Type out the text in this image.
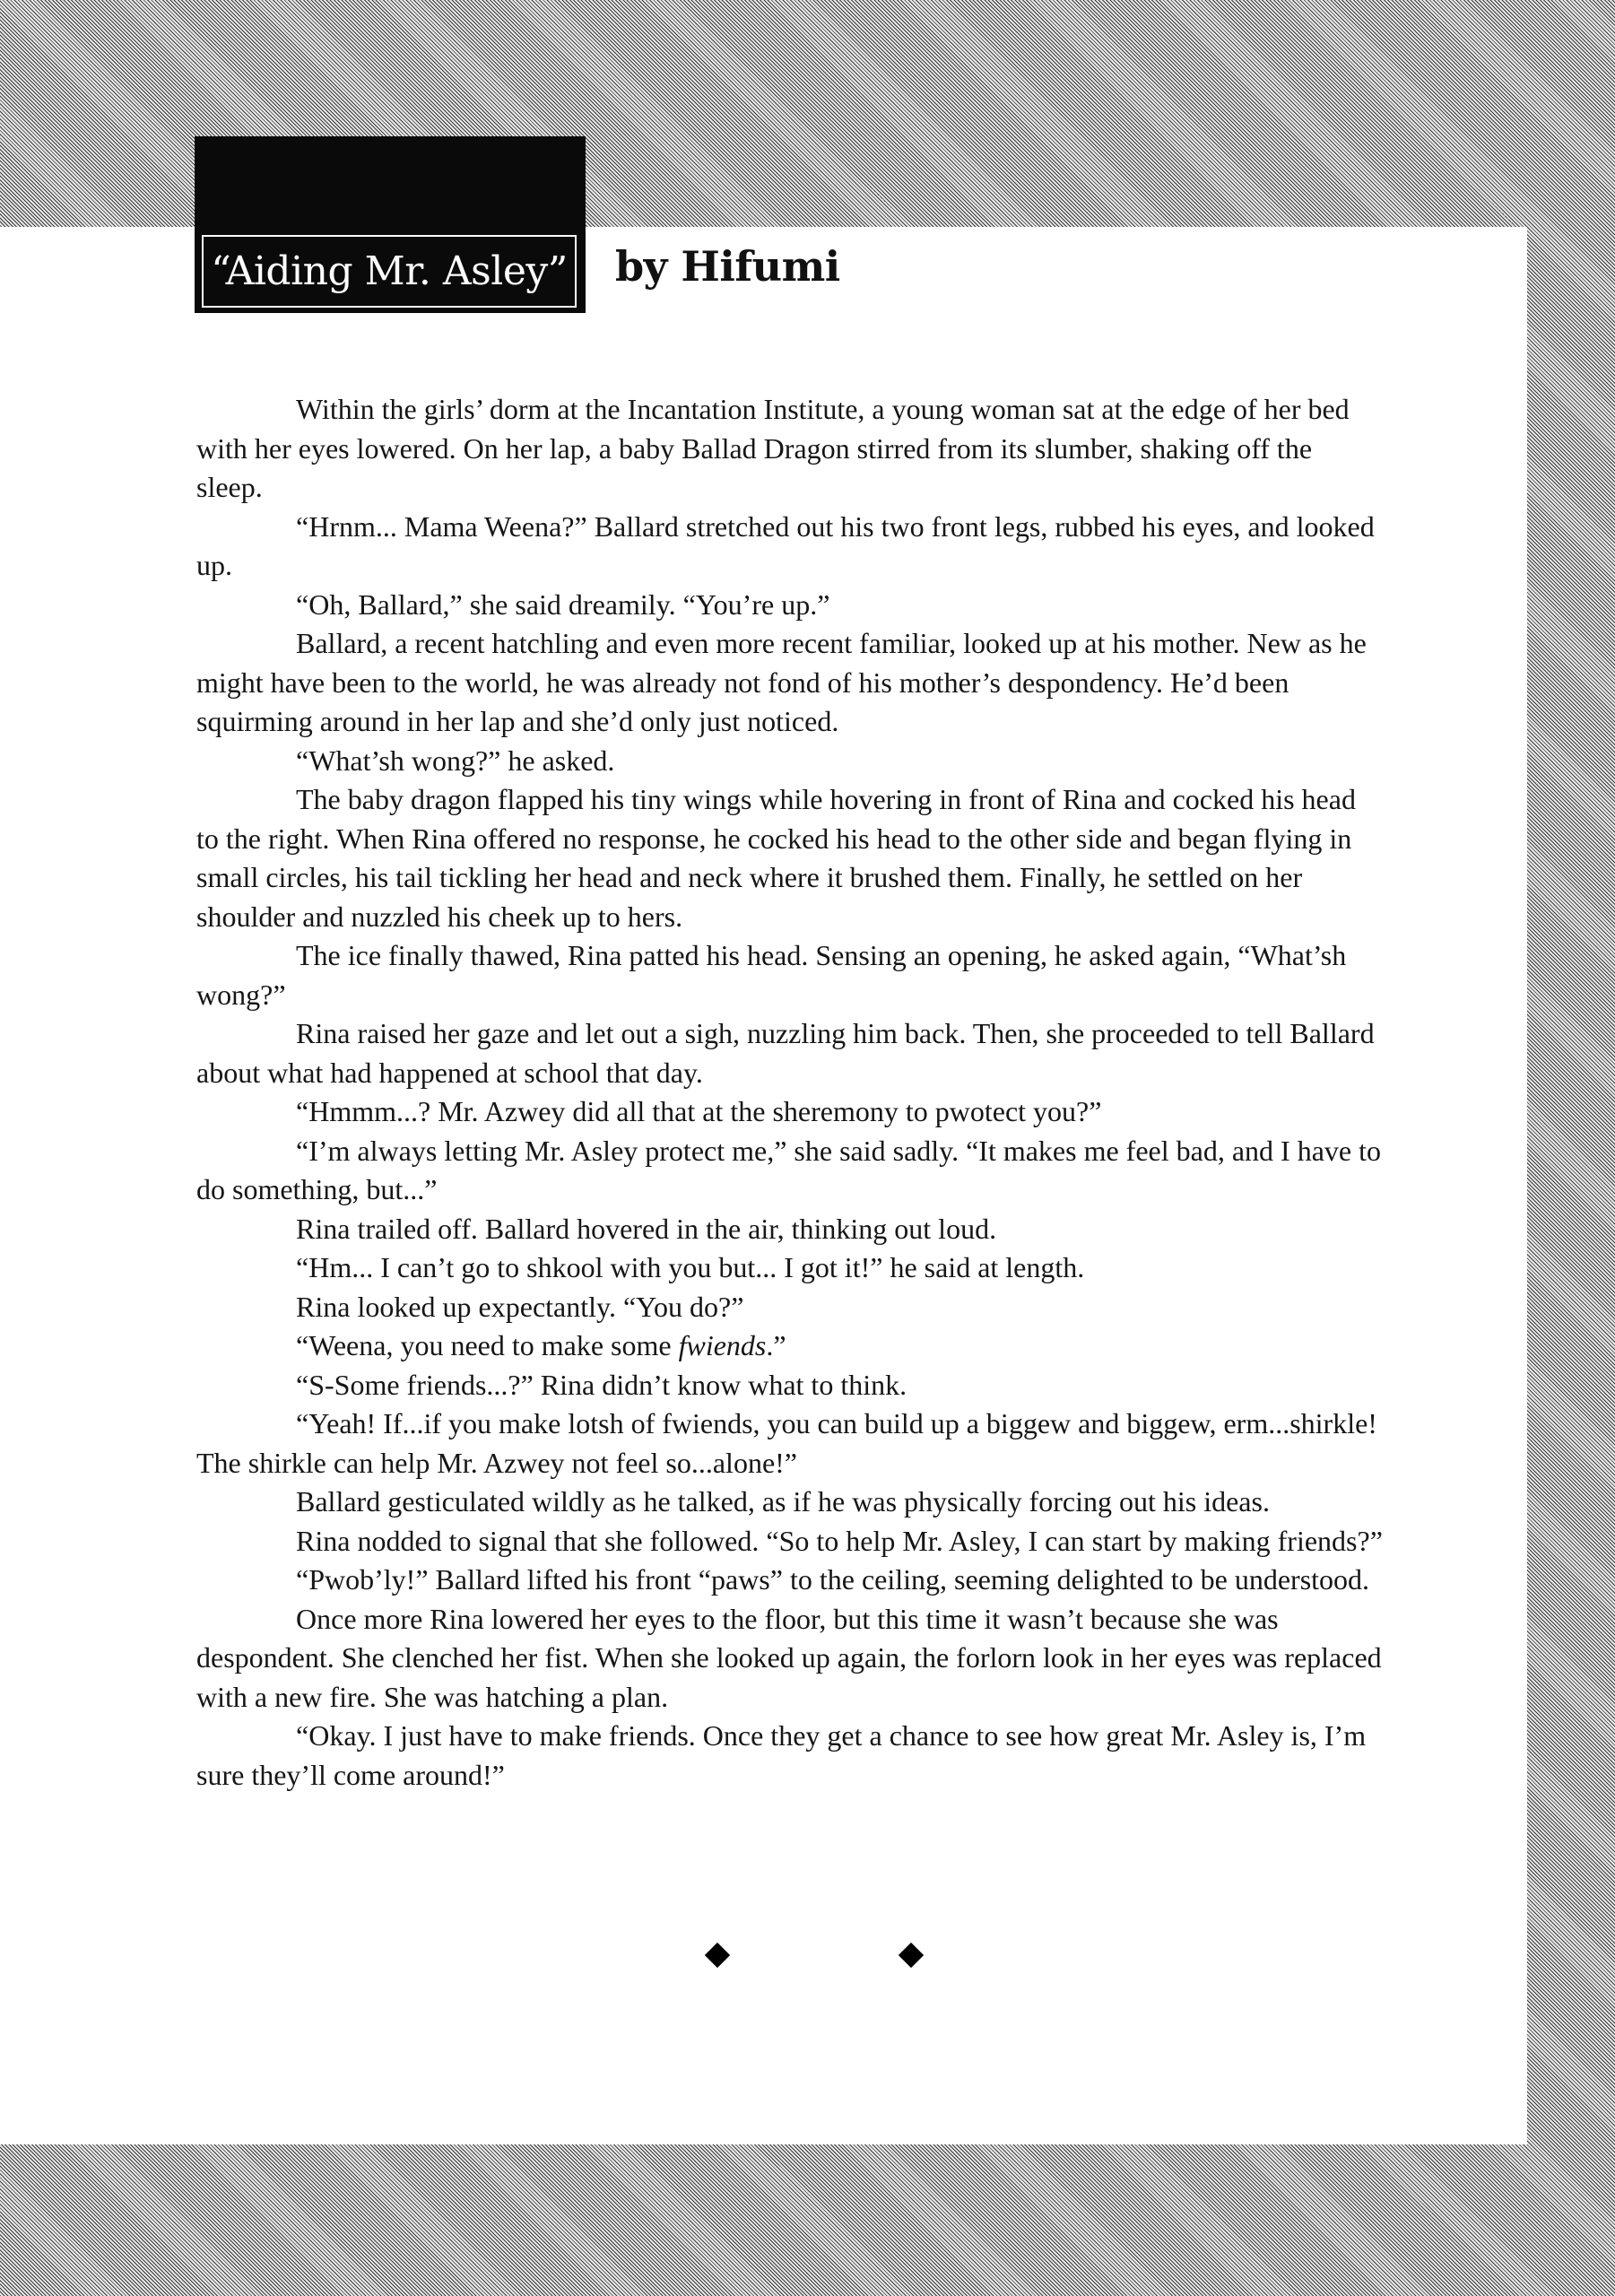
“Aiding Mr. Asley” by Hifumi

Within the girls’ dorm at the Incantation Institute, a young woman sat at the edge of her bed with her eyes lowered. On her lap, a baby Ballad Dragon stirred from its slumber, shaking off the sleep.

“Hrnm... Mama Weena?” Ballard stretched out his two front legs, rubbed his eyes, and looked up.

“Oh, Ballard,” she said dreamily. “You’re up.”

Ballard, a recent hatchling and even more recent familiar, looked up at his mother. New as he might have been to the world, he was already not fond of his mother’s despondency. He’d been squirming around in her lap and she’d only just noticed.

“What’sh wong?” he asked.

The baby dragon flapped his tiny wings while hovering in front of Rina and cocked his head to the right. When Rina offered no response, he cocked his head to the other side and began flying in small circles, his tail tickling her head and neck where it brushed them. Finally, he settled on her shoulder and nuzzled his cheek up to hers.

The ice finally thawed, Rina patted his head. Sensing an opening, he asked again, “What’sh wong?”

Rina raised her gaze and let out a sigh, nuzzling him back. Then, she proceeded to tell Ballard about what had happened at school that day.

“Hmmm...? Mr. Azwey did all that at the sheremony to pwotect you?”

“I’m always letting Mr. Asley protect me,” she said sadly. “It makes me feel bad, and I have to do something, but...”

Rina trailed off. Ballard hovered in the air, thinking out loud.

“Hm... I can’t go to shkool with you but... I got it!” he said at length.

Rina looked up expectantly. “You do?”

“Weena, you need to make some fwiends.”

“S-Some friends...?” Rina didn’t know what to think.

“Yeah! If...if you make lotsh of fwiends, you can build up a biggew and biggew, erm...shirkle! The shirkle can help Mr. Azwey not feel so...alone!”

Ballard gesticulated wildly as he talked, as if he was physically forcing out his ideas.

Rina nodded to signal that she followed. “So to help Mr. Asley, I can start by making friends?”

“Pwob’ly!” Ballard lifted his front “paws” to the ceiling, seeming delighted to be understood.

Once more Rina lowered her eyes to the floor, but this time it wasn’t because she was despondent. She clenched her fist. When she looked up again, the forlorn look in her eyes was replaced with a new fire. She was hatching a plan.

“Okay. I just have to make friends. Once they get a chance to see how great Mr. Asley is, I’m sure they’ll come around!”
